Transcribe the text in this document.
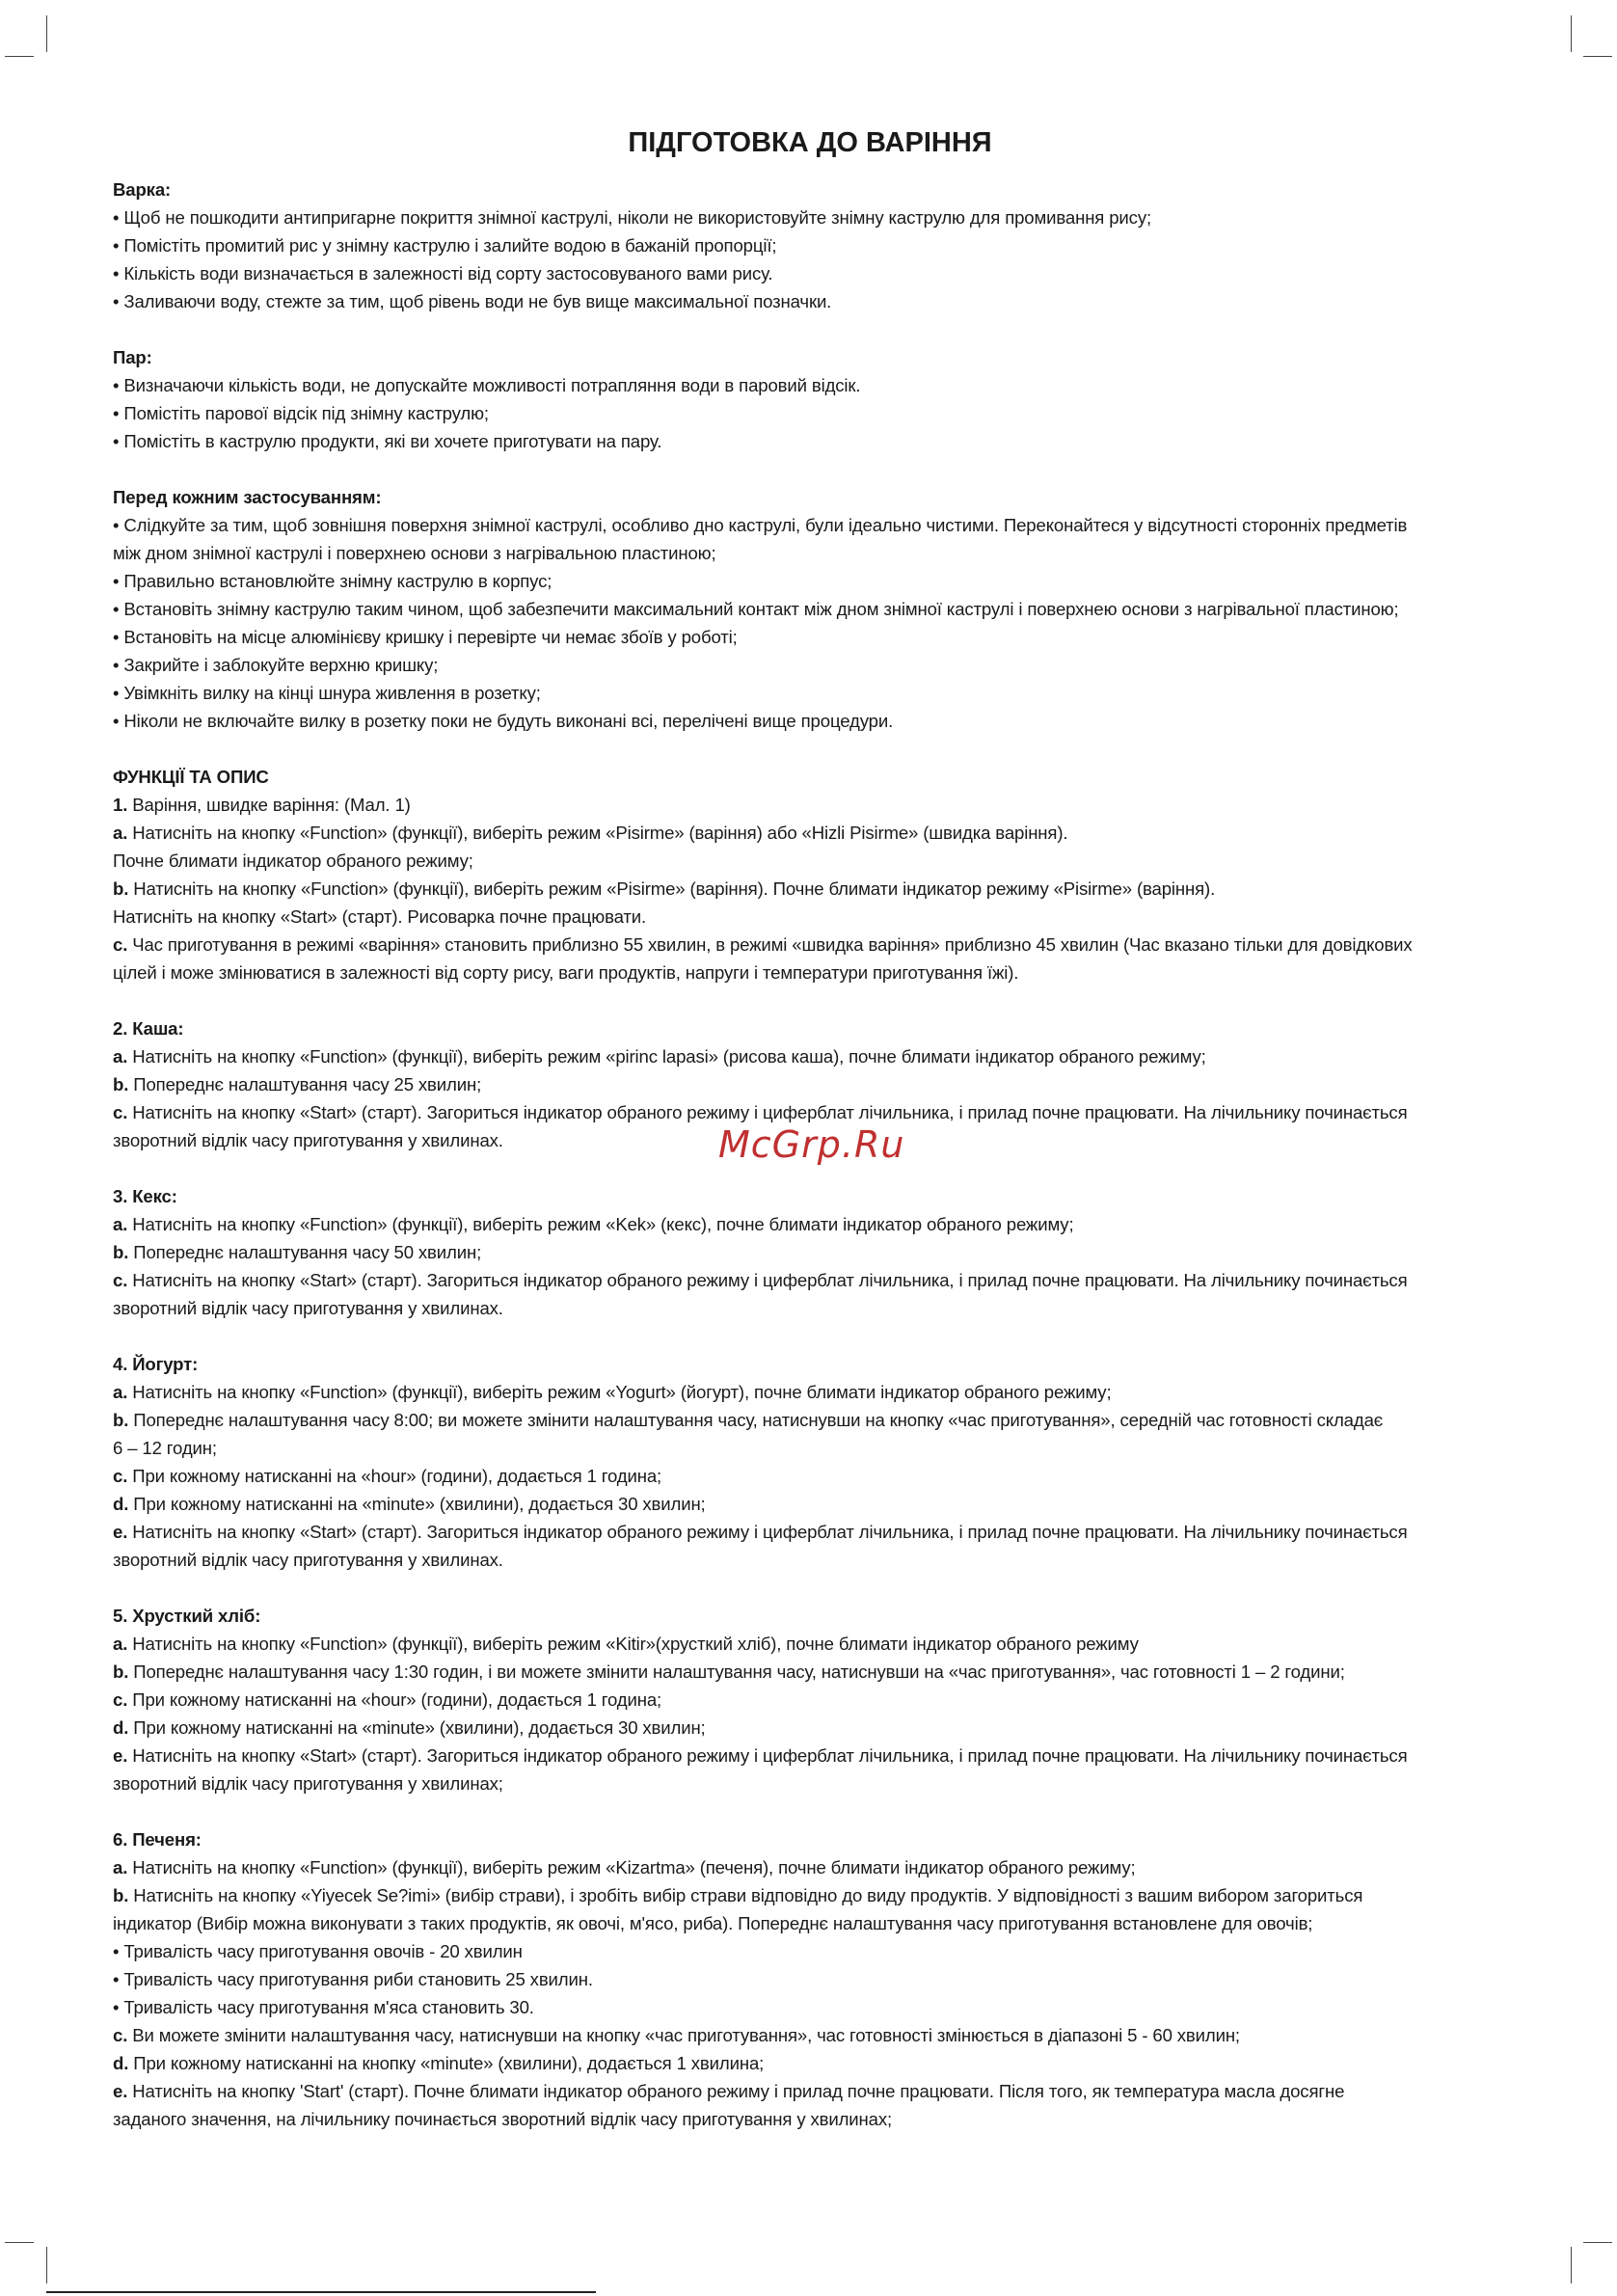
McGrp.Ru
ПІДГОТОВКА ДО ВАРІННЯ

Варка:

• Щоб не пошкодити антипригарне покриття знімної каструлі, ніколи не використовуйте знімну каструлю для промивання рису;

• Помістіть промитий рис у знімну каструлю і залийте водою в бажаній пропорції;

• Кількість води визначається в залежності від сорту застосовуваного вами рису.

• Заливаючи воду, стежте за тим, щоб рівень води не був вище максимальної позначки.

Пар:

• Визначаючи кількість води, не допускайте можливості потрапляння води в паровий відсік.

• Помістіть парової відсік під знімну каструлю;

• Помістіть в каструлю продукти, які ви хочете приготувати на пару.

Перед кожним застосуванням:

• Слідкуйте за тим, щоб зовнішня поверхня знімної каструлі, особливо дно каструлі, були ідеально чистими. Переконайтеся у відсутності сторонніх предметів

між дном знімної каструлі і поверхнею основи з нагрівальною пластиною;

• Правильно встановлюйте знімну каструлю в корпус;

• Встановіть знімну каструлю таким чином, щоб забезпечити максимальний контакт між дном знімної каструлі і поверхнею основи з нагрівальної пластиною;

• Встановіть на місце алюмінієву кришку і перевірте чи немає збоїв у роботі;

• Закрийте і заблокуйте верхню кришку;

• Увімкніть вилку на кінці шнура живлення в розетку;

• Ніколи не включайте вилку в розетку поки не будуть виконані всі, перелічені вище процедури.

ФУНКЦІЇ ТА ОПИС

1. Варіння, швидке варіння: (Мал. 1)

a. Натисніть на кнопку «Function» (функції), виберіть режим «Pisirme» (варіння) або «Hizli Pisirme» (швидка варіння).

Почне блимати індикатор обраного режиму;

b. Натисніть на кнопку «Function» (функції), виберіть режим «Pisirme» (варіння). Почне блимати індикатор режиму «Pisirme» (варіння).

Натисніть на кнопку «Start» (старт). Рисоварка почне працювати.

c. Час приготування в режимі «варіння» становить приблизно 55 хвилин, в режимі «швидка варіння» приблизно 45 хвилин (Час вказано тільки для довідкових

цілей і може змінюватися в залежності від сорту рису, ваги продуктів, напруги і температури приготування їжі).

2. Каша:

a. Натисніть на кнопку «Function» (функції), виберіть режим «pirinc lapasi» (рисова каша), почне блимати індикатор обраного режиму;

b. Попереднє налаштування часу 25 хвилин;

c. Натисніть на кнопку «Start» (старт). Загориться індикатор обраного режиму і циферблат лічильника, і прилад почне працювати. На лічильнику починається

зворотний відлік часу приготування у хвилинах.

3. Кекс:

a. Натисніть на кнопку «Function» (функції), виберіть режим «Kek» (кекс), почне блимати індикатор обраного режиму;

b. Попереднє налаштування часу 50 хвилин;

c. Натисніть на кнопку «Start» (старт). Загориться індикатор обраного режиму і циферблат лічильника, і прилад почне працювати. На лічильнику починається

зворотний відлік часу приготування у хвилинах.

4. Йогурт:

a. Натисніть на кнопку «Function» (функції), виберіть режим «Yogurt» (йогурт), почне блимати індикатор обраного режиму;

b. Попереднє налаштування часу 8:00; ви можете змінити налаштування часу, натиснувши на кнопку «час приготування», середній час готовності складає

6 – 12 годин;

c. При кожному натисканні на «hour» (години), додається 1 година;

d. При кожному натисканні на «minute» (хвилини), додається 30 хвилин;

e. Натисніть на кнопку «Start» (старт). Загориться індикатор обраного режиму і циферблат лічильника, і прилад почне працювати. На лічильнику починається

зворотний відлік часу приготування у хвилинах.

5. Хрусткий хліб:

a. Натисніть на кнопку «Function» (функції), виберіть режим «Kitir»(хрусткий хліб), почне блимати індикатор обраного режиму

b. Попереднє налаштування часу 1:30 годин, і ви можете змінити налаштування часу, натиснувши на «час приготування», час готовності 1 – 2 години;

c. При кожному натисканні на «hour» (години), додається 1 година;

d. При кожному натисканні на «minute» (хвилини), додається 30 хвилин;

e. Натисніть на кнопку «Start» (старт). Загориться індикатор обраного режиму і циферблат лічильника, і прилад почне працювати. На лічильнику починається

зворотний відлік часу приготування у хвилинах;

6. Печеня:

a. Натисніть на кнопку «Function» (функції), виберіть режим «Kizartma» (печеня), почне блимати індикатор обраного режиму;

b. Натисніть на кнопку «Yiyecek Se?imi» (вибір страви), і зробіть вибір страви відповідно до виду продуктів. У відповідності з вашим вибором загориться

індикатор (Вибір можна виконувати з таких продуктів, як овочі, м'ясо, риба). Попереднє налаштування часу приготування встановлене для овочів;

• Тривалість часу приготування овочів - 20 хвилин

• Тривалість часу приготування риби становить 25 хвилин.

• Тривалість часу приготування м'яса становить 30.

c. Ви можете змінити налаштування часу, натиснувши на кнопку «час приготування», час готовності змінюється в діапазоні 5 - 60 хвилин;

d. При кожному натисканні на кнопку «minute» (хвилини), додається 1 хвилина;

e. Натисніть на кнопку 'Start' (старт). Почне блимати індикатор обраного режиму і прилад почне працювати. Після того, як температура масла досягне

заданого значення, на лічильнику починається зворотний відлік часу приготування у хвилинах;
